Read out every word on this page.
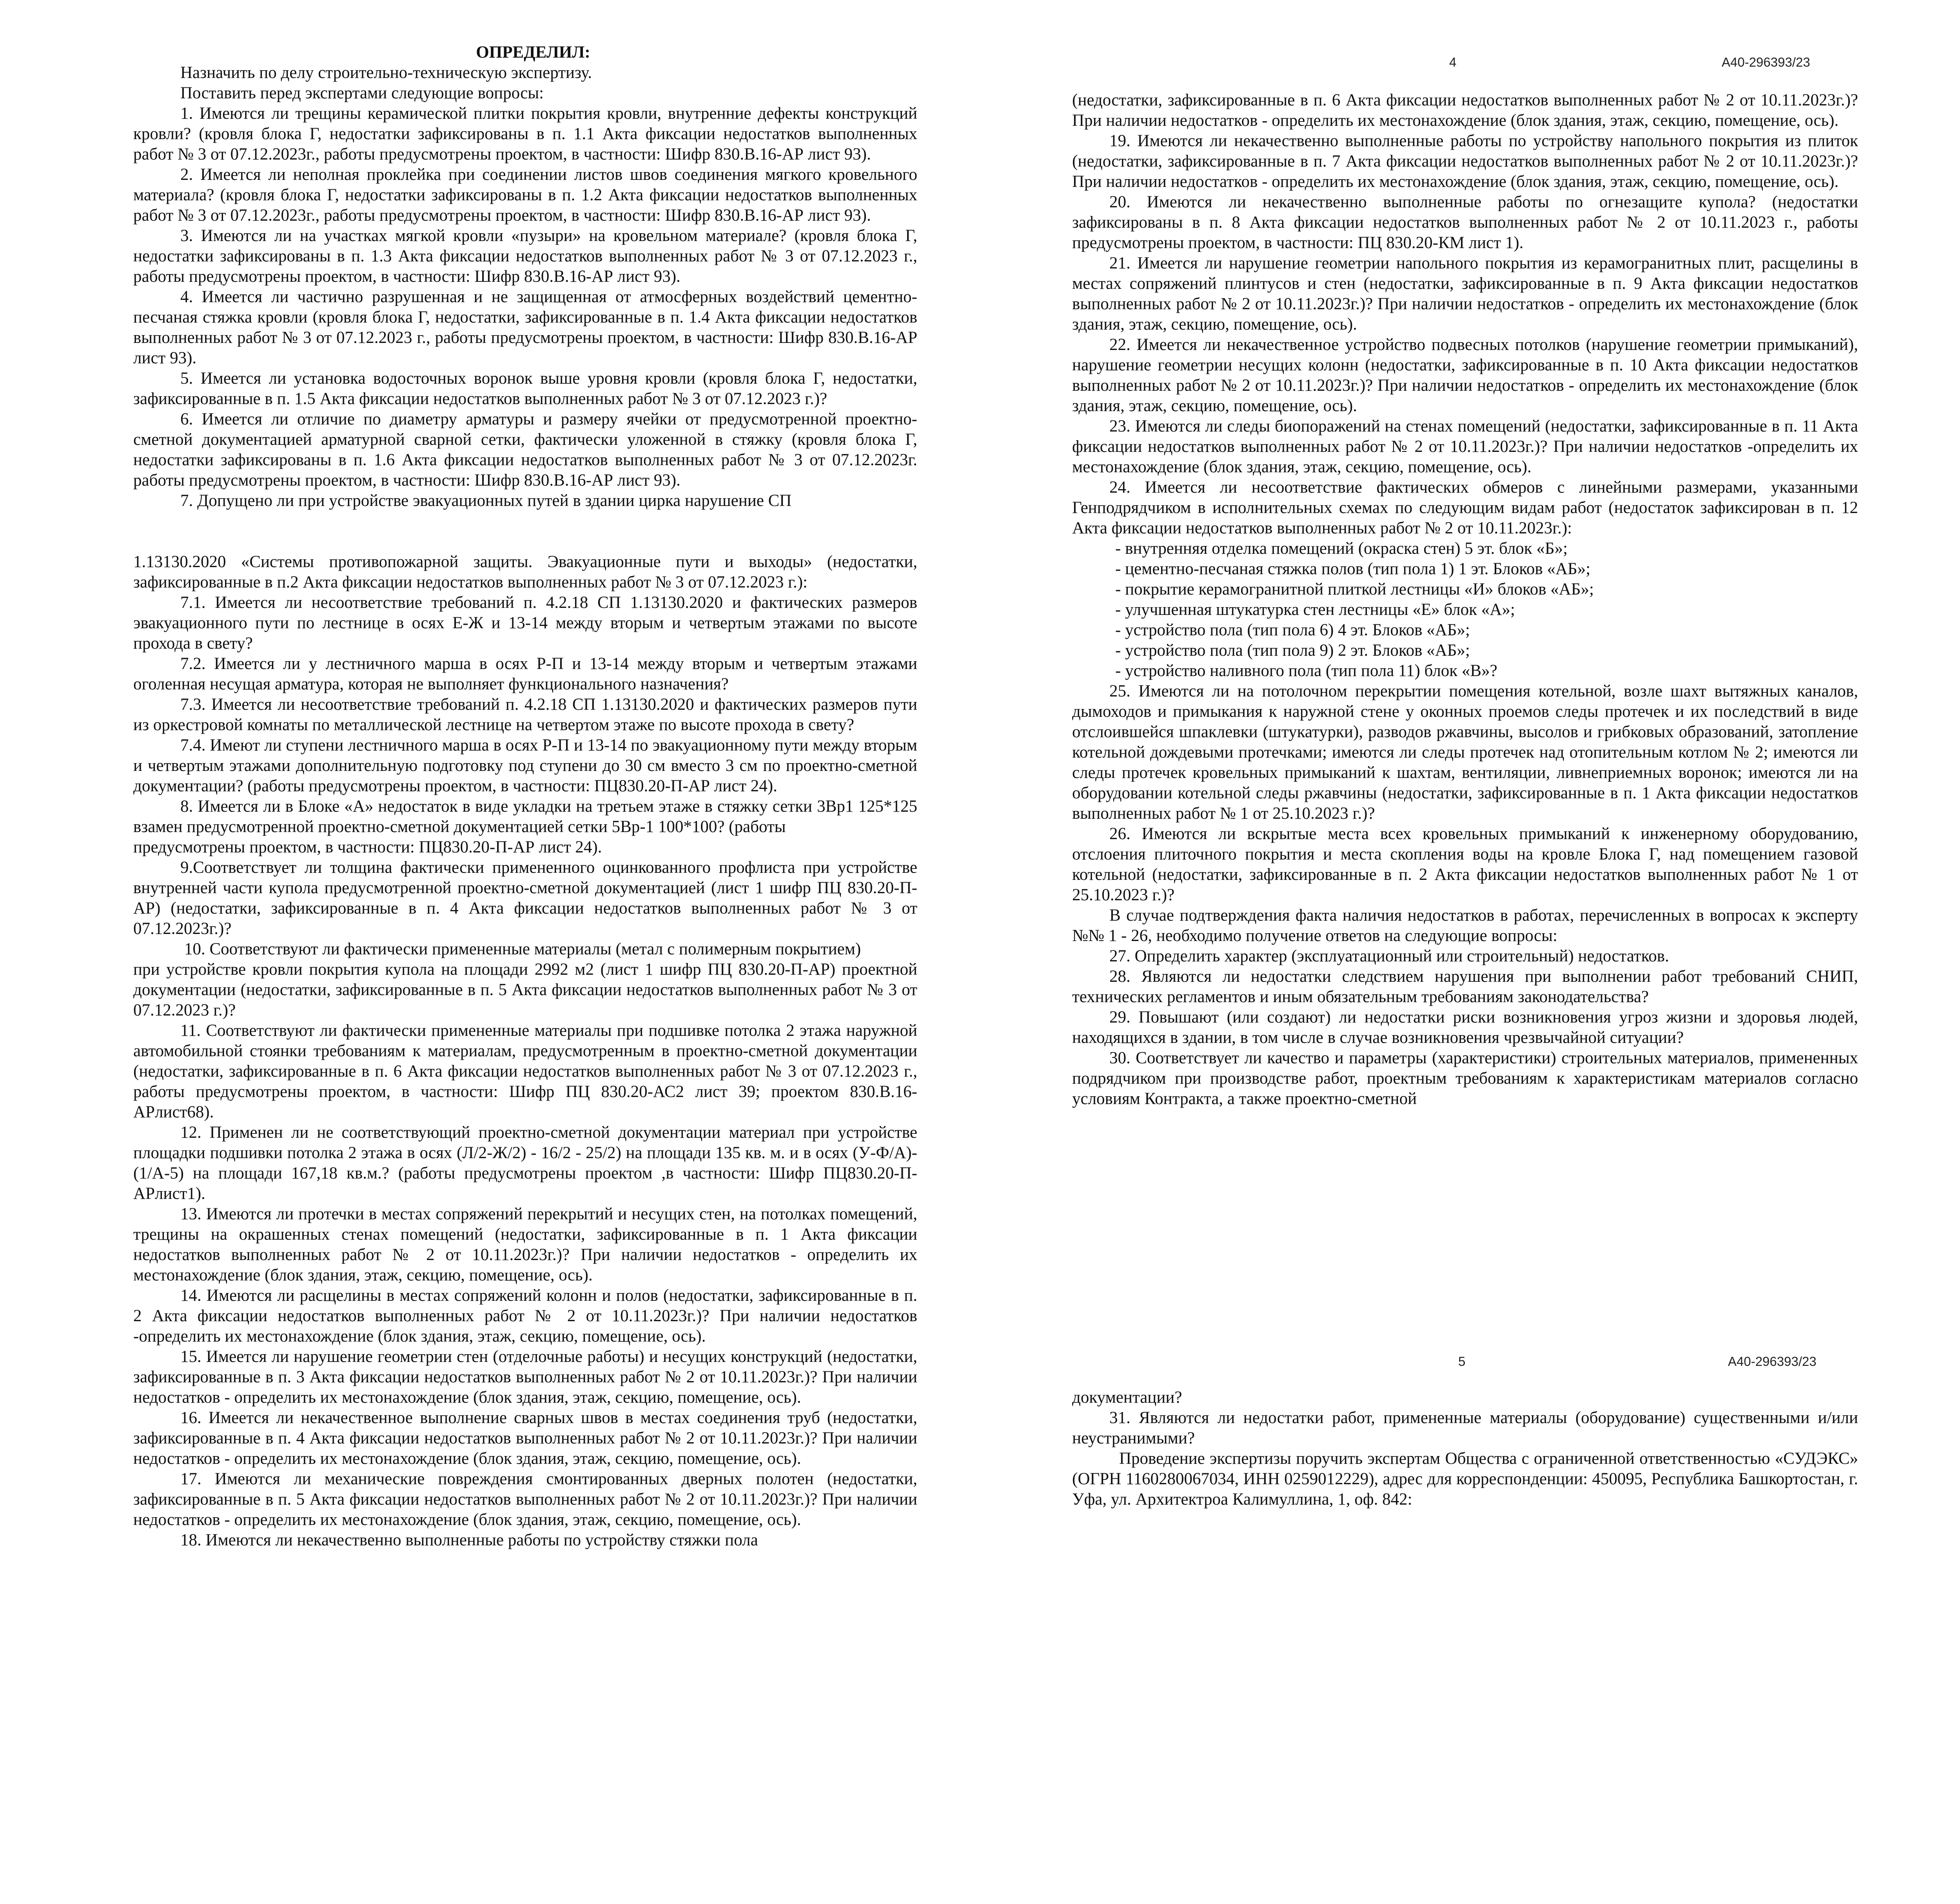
4	А40-296393/23
5	А40-296393/23

ОПРЕДЕЛИЛ:

Назначить по делу строительно-техническую экспертизу.

Поставить перед экспертами следующие вопросы:

1. Имеются ли трещины керамической плитки покрытия кровли, внутренние дефекты конструкций кровли? (кровля блока Г, недостатки зафиксированы в п. 1.1 Акта фиксации недостатков выполненных работ № 3 от 07.12.2023г., работы предусмотрены проектом, в частности: Шифр 830.В.16-АР лист 93).

2. Имеется ли неполная проклейка при соединении листов швов соединения мягкого кровельного материала? (кровля блока Г, недостатки зафиксированы в п. 1.2 Акта фиксации недостатков выполненных работ № 3 от 07.12.2023г., работы предусмотрены проектом, в частности: Шифр 830.В.16-АР лист 93).

3. Имеются ли на участках мягкой кровли «пузыри» на кровельном материале? (кровля блока Г, недостатки зафиксированы в п. 1.3 Акта фиксации недостатков выполненных работ № 3 от 07.12.2023 г., работы предусмотрены проектом, в частности: Шифр 830.В.16-АР лист 93).

4. Имеется ли частично разрушенная и не защищенная от атмосферных воздействий цементно-песчаная стяжка кровли (кровля блока Г, недостатки, зафиксированные в п. 1.4 Акта фиксации недостатков выполненных работ № 3 от 07.12.2023 г., работы предусмотрены проектом, в частности: Шифр 830.В.16-АР лист 93).

5. Имеется ли установка водосточных воронок выше уровня кровли (кровля блока Г, недостатки, зафиксированные в п. 1.5 Акта фиксации недостатков выполненных работ № 3 от 07.12.2023 г.)?

6. Имеется ли отличие по диаметру арматуры и размеру ячейки от предусмотренной проектно-сметной документацией арматурной сварной сетки, фактически уложенной в стяжку (кровля блока Г, недостатки зафиксированы в п. 1.6 Акта фиксации недостатков выполненных работ № 3 от 07.12.2023г. работы предусмотрены проектом, в частности: Шифр 830.В.16-АР лист 93).

7. Допущено ли при устройстве эвакуационных путей в здании цирка нарушение СП

1.13130.2020 «Системы противопожарной защиты. Эвакуационные пути и выходы» (недостатки, зафиксированные в п.2 Акта фиксации недостатков выполненных работ № 3 от 07.12.2023 г.):

7.1. Имеется ли несоответствие требований п. 4.2.18 СП 1.13130.2020 и фактических размеров эвакуационного пути по лестнице в осях Е-Ж и 13-14 между вторым и четвертым этажами по высоте прохода в свету?

7.2. Имеется ли у лестничного марша в осях Р-П и 13-14 между вторым и четвертым этажами оголенная несущая арматура, которая не выполняет функционального назначения?

7.3. Имеется ли несоответствие требований п. 4.2.18 СП 1.13130.2020 и фактических размеров пути из оркестровой комнаты по металлической лестнице на четвертом этаже по высоте прохода в свету?

7.4. Имеют ли ступени лестничного марша в осях Р-П и 13-14 по эвакуационному пути между вторым и четвертым этажами дополнительную подготовку под ступени до 30 см вместо 3 см по проектно-сметной документации? (работы предусмотрены проектом, в частности: ПЦ830.20-П-АР лист 24).

8. Имеется ли в Блоке «А» недостаток в виде укладки на третьем этаже в стяжку сетки 3Вр1 125*125 взамен предусмотренной проектно-сметной документацией сетки 5Вр-1 100*100? (работы

предусмотрены проектом, в частности: ПЦ830.20-П-АР лист 24).

9.Соответствует ли толщина фактически примененного оцинкованного профлиста при устройстве внутренней части купола предусмотренной проектно-сметной документацией (лист 1 шифр ПЦ 830.20-П-АР) (недостатки, зафиксированные в п. 4 Акта фиксации недостатков выполненных работ № 3 от 07.12.2023г.)?

10. Соответствуют ли фактически примененные материалы (метал с полимерным покрытием)

при устройстве кровли покрытия купола на площади 2992 м2 (лист 1 шифр ПЦ 830.20-П-АР) проектной документации (недостатки, зафиксированные в п. 5 Акта фиксации недостатков выполненных работ № 3 от 07.12.2023 г.)?

11. Соответствуют ли фактически примененные материалы при подшивке потолка 2 этажа наружной автомобильной стоянки требованиям к материалам, предусмотренным в проектно-сметной документации (недостатки, зафиксированные в п. 6 Акта фиксации недостатков выполненных работ № 3 от 07.12.2023 г., работы предусмотрены проектом, в частности: Шифр ПЦ 830.20-АС2 лист 39; проектом 830.В.16-АРлист68).

12. Применен ли не соответствующий проектно-сметной документации материал при устройстве площадки подшивки потолка 2 этажа в осях (Л/2-Ж/2) - 16/2 - 25/2) на площади 135 кв. м. и в осях (У-Ф/А)- (1/А-5) на площади 167,18 кв.м.? (работы предусмотрены проектом ,в частности: Шифр ПЦ830.20-П-АРлист1).

13. Имеются ли протечки в местах сопряжений перекрытий и несущих стен, на потолках помещений, трещины на окрашенных стенах помещений (недостатки, зафиксированные в п. 1 Акта фиксации недостатков выполненных работ № 2 от 10.11.2023г.)? При наличии недостатков - определить их местонахождение (блок здания, этаж, секцию, помещение, ось).

14. Имеются ли расщелины в местах сопряжений колонн и полов (недостатки, зафиксированные в п. 2 Акта фиксации недостатков выполненных работ № 2 от 10.11.2023г.)? При наличии недостатков -определить их местонахождение (блок здания, этаж, секцию, помещение, ось).

15. Имеется ли нарушение геометрии стен (отделочные работы) и несущих конструкций (недостатки, зафиксированные в п. 3 Акта фиксации недостатков выполненных работ № 2 от 10.11.2023г.)? При наличии недостатков - определить их местонахождение (блок здания, этаж, секцию, помещение, ось).

16. Имеется ли некачественное выполнение сварных швов в местах соединения труб (недостатки, зафиксированные в п. 4 Акта фиксации недостатков выполненных работ № 2 от 10.11.2023г.)? При наличии недостатков - определить их местонахождение (блок здания, этаж, секцию, помещение, ось).

17. Имеются ли механические повреждения смонтированных дверных полотен (недостатки, зафиксированные в п. 5 Акта фиксации недостатков выполненных работ № 2 от 10.11.2023г.)? При наличии недостатков - определить их местонахождение (блок здания, этаж, секцию, помещение, ось).

18. Имеются ли некачественно выполненные работы по устройству стяжки пола

(недостатки, зафиксированные в п. 6 Акта фиксации недостатков выполненных работ № 2 от 10.11.2023г.)? При наличии недостатков - определить их местонахождение (блок здания, этаж, секцию, помещение, ось).

19. Имеются ли некачественно выполненные работы по устройству напольного покрытия из плиток (недостатки, зафиксированные в п. 7 Акта фиксации недостатков выполненных работ № 2 от 10.11.2023г.)? При наличии недостатков - определить их местонахождение (блок здания, этаж, секцию, помещение, ось).

20. Имеются ли некачественно выполненные работы по огнезащите купола? (недостатки зафиксированы в п. 8 Акта фиксации недостатков выполненных работ № 2 от 10.11.2023 г., работы предусмотрены проектом, в частности: ПЦ 830.20-КМ лист 1).

21. Имеется ли нарушение геометрии напольного покрытия из керамогранитных плит, расщелины в местах сопряжений плинтусов и стен (недостатки, зафиксированные в п. 9 Акта фиксации недостатков выполненных работ № 2 от 10.11.2023г.)? При наличии недостатков - определить их местонахождение (блок здания, этаж, секцию, помещение, ось).

22. Имеется ли некачественное устройство подвесных потолков (нарушение геометрии примыканий), нарушение геометрии несущих колонн (недостатки, зафиксированные в п. 10 Акта фиксации недостатков выполненных работ № 2 от 10.11.2023г.)? При наличии недостатков - определить их местонахождение (блок здания, этаж, секцию, помещение, ось).

23. Имеются ли следы биопоражений на стенах помещений (недостатки, зафиксированные в п. 11 Акта фиксации недостатков выполненных работ № 2 от 10.11.2023г.)? При наличии недостатков -определить их местонахождение (блок здания, этаж, секцию, помещение, ось).

24. Имеется ли несоответствие фактических обмеров с линейными размерами, указанными Генподрядчиком в исполнительных схемах по следующим видам работ (недостаток зафиксирован в п. 12 Акта фиксации недостатков выполненных работ № 2 от 10.11.2023г.):

- внутренняя отделка помещений (окраска стен) 5 эт. блок «Б»;

- цементно-песчаная стяжка полов (тип пола 1) 1 эт. Блоков «АБ»;

- покрытие керамогранитной плиткой лестницы «И» блоков «АБ»;

- улучшенная штукатурка стен лестницы «Е» блок «А»;

- устройство пола (тип пола 6) 4 эт. Блоков «АБ»;

- устройство пола (тип пола 9) 2 эт. Блоков «АБ»;

- устройство наливного пола (тип пола 11) блок «В»?

25. Имеются ли на потолочном перекрытии помещения котельной, возле шахт вытяжных каналов, дымоходов и примыкания к наружной стене у оконных проемов следы протечек и их последствий в виде отслоившейся шпаклевки (штукатурки), разводов ржавчины, высолов и грибковых образований, затопление котельной дождевыми протечками; имеются ли следы протечек над отопительным котлом № 2; имеются ли следы протечек кровельных примыканий к шахтам, вентиляции, ливнеприемных воронок; имеются ли на оборудовании котельной следы ржавчины (недостатки, зафиксированные в п. 1 Акта фиксации недостатков выполненных работ № 1 от 25.10.2023 г.)?

26. Имеются ли вскрытые места всех кровельных примыканий к инженерному оборудованию, отслоения плиточного покрытия и места скопления воды на кровле Блока Г, над помещением газовой котельной (недостатки, зафиксированные в п. 2 Акта фиксации недостатков выполненных работ № 1 от 25.10.2023 г.)?

В случае подтверждения факта наличия недостатков в работах, перечисленных в вопросах к эксперту №№ 1 - 26, необходимо получение ответов на следующие вопросы:

27. Определить характер (эксплуатационный или строительный) недостатков.

28. Являются ли недостатки следствием нарушения при выполнении работ требований СНИП, технических регламентов и иным обязательным требованиям законодательства?

29. Повышают (или создают) ли недостатки риски возникновения угроз жизни и здоровья людей, находящихся в здании, в том числе в случае возникновения чрезвычайной ситуации?

30. Соответствует ли качество и параметры (характеристики) строительных материалов, примененных подрядчиком при производстве работ, проектным требованиям к характеристикам материалов согласно условиям Контракта, а также проектно-сметной

документации?

31. Являются ли недостатки работ, примененные материалы (оборудование) существенными и/или неустранимыми?

Проведение экспертизы поручить экспертам Общества с ограниченной ответственностью «СУДЭКС» (ОГРН 1160280067034, ИНН 0259012229), адрес для корреспонденции: 450095, Республика Башкортостан, г. Уфа, ул. Архитектроа Калимуллина, 1, оф. 842:
